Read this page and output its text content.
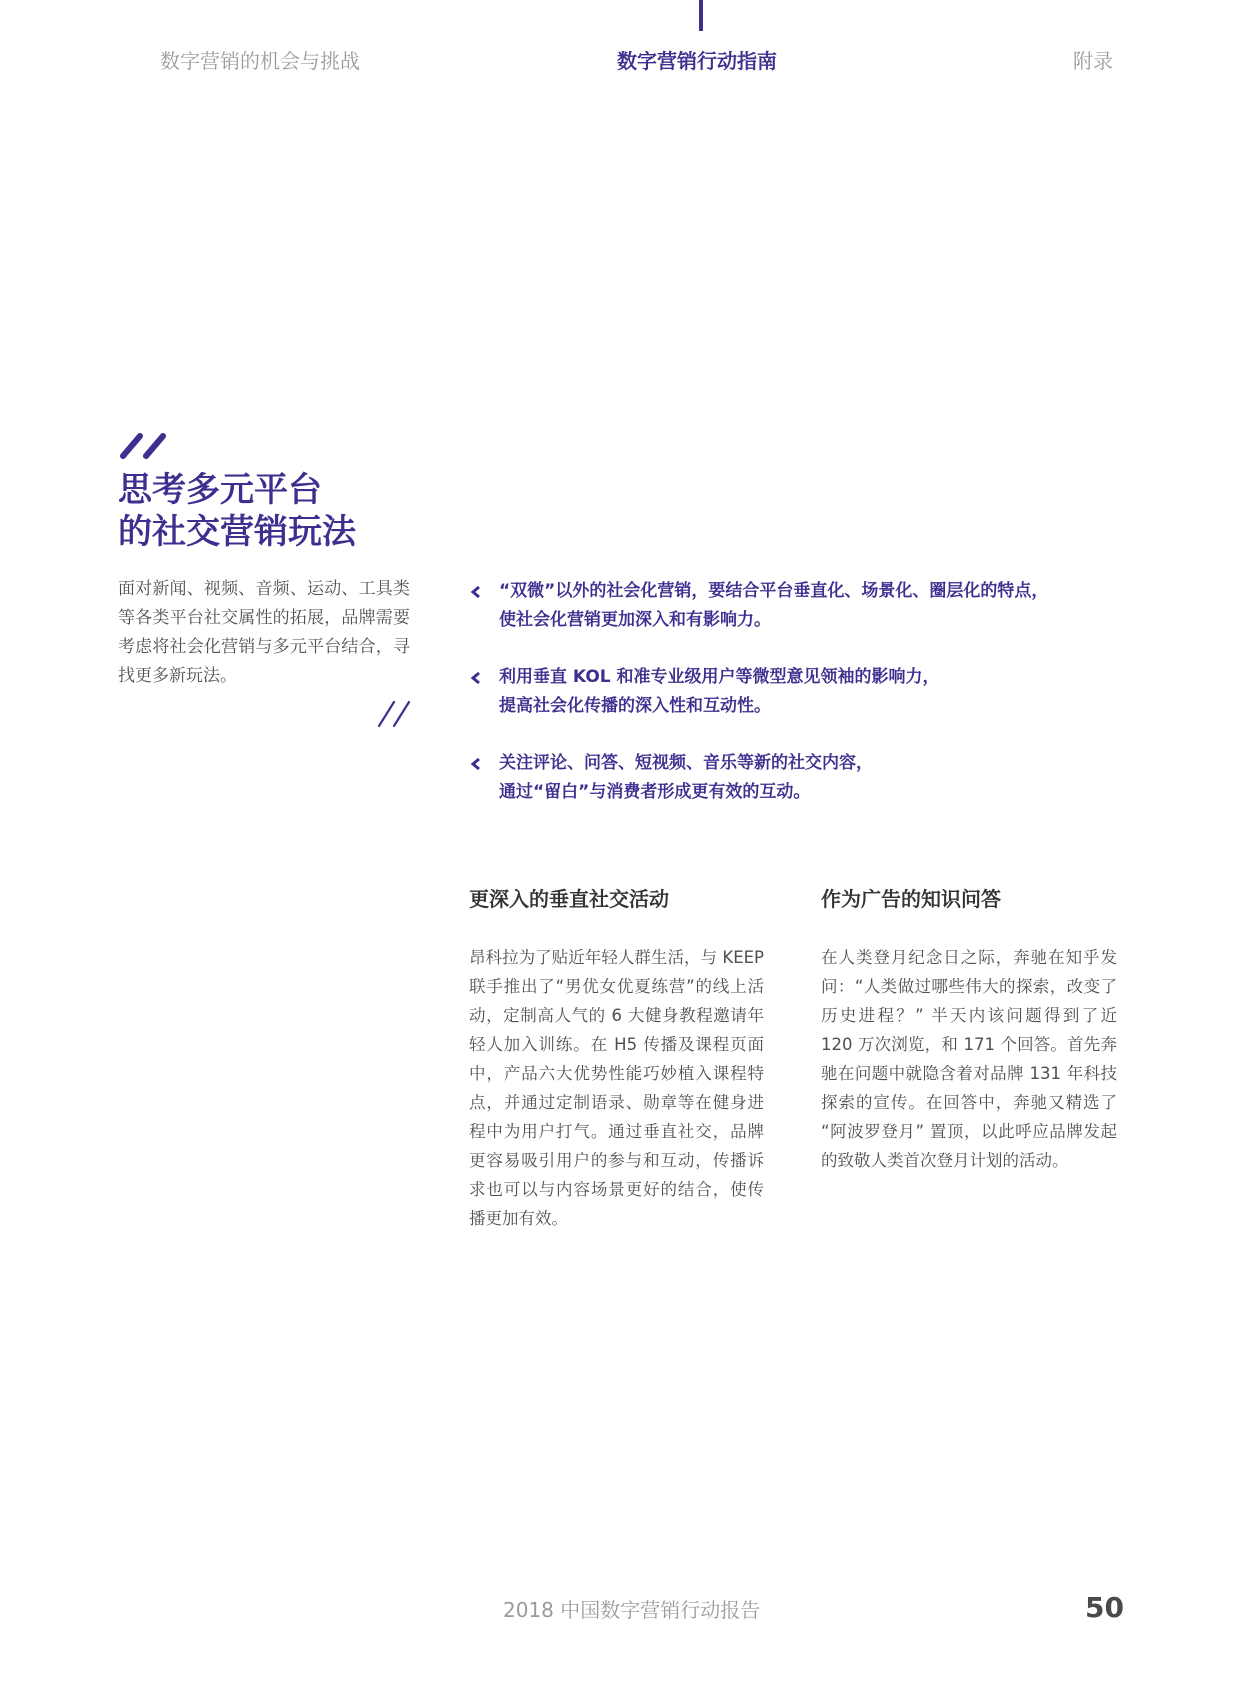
数字营销的机会与挑战	数字营销行动指南	附录
思考多元平台
的社交营销玩法

面对新闻、视频、音频、运动、工具类等各类平台社交属性的拓展，品牌需要考虑将社会化营销与多元平台结合，寻找更多新玩法。

“双微”以外的社会化营销，要结合平台垂直化、场景化、圈层化的特点，
使社会化营销更加深入和有影响力。
利用垂直 KOL 和准专业级用户等微型意见领袖的影响力，
提高社会化传播的深入性和互动性。
关注评论、问答、短视频、音乐等新的社交内容，
通过“留白”与消费者形成更有效的互动。
更深入的垂直社交活动

昂科拉为了贴近年轻人群生活，与 KEEP 联手推出了“男优女优夏练营”的线上活动，定制高人气的 6 大健身教程邀请年轻人加入训练。在 H5 传播及课程页面中，产品六大优势性能巧妙植入课程特点，并通过定制语录、勋章等在健身进程中为用户打气。通过垂直社交，品牌更容易吸引用户的参与和互动，传播诉求也可以与内容场景更好的结合，使传播更加有效。

作为广告的知识问答

在人类登月纪念日之际，奔驰在知乎发问：“人类做过哪些伟大的探索，改变了历史进程？” 半天内该问题得到了近 120 万次浏览，和 171 个回答。首先奔驰在问题中就隐含着对品牌 131 年科技探索的宣传。在回答中，奔驰又精选了 “阿波罗登月” 置顶，以此呼应品牌发起的致敬人类首次登月计划的活动。

2018 中国数字营销行动报告	50
